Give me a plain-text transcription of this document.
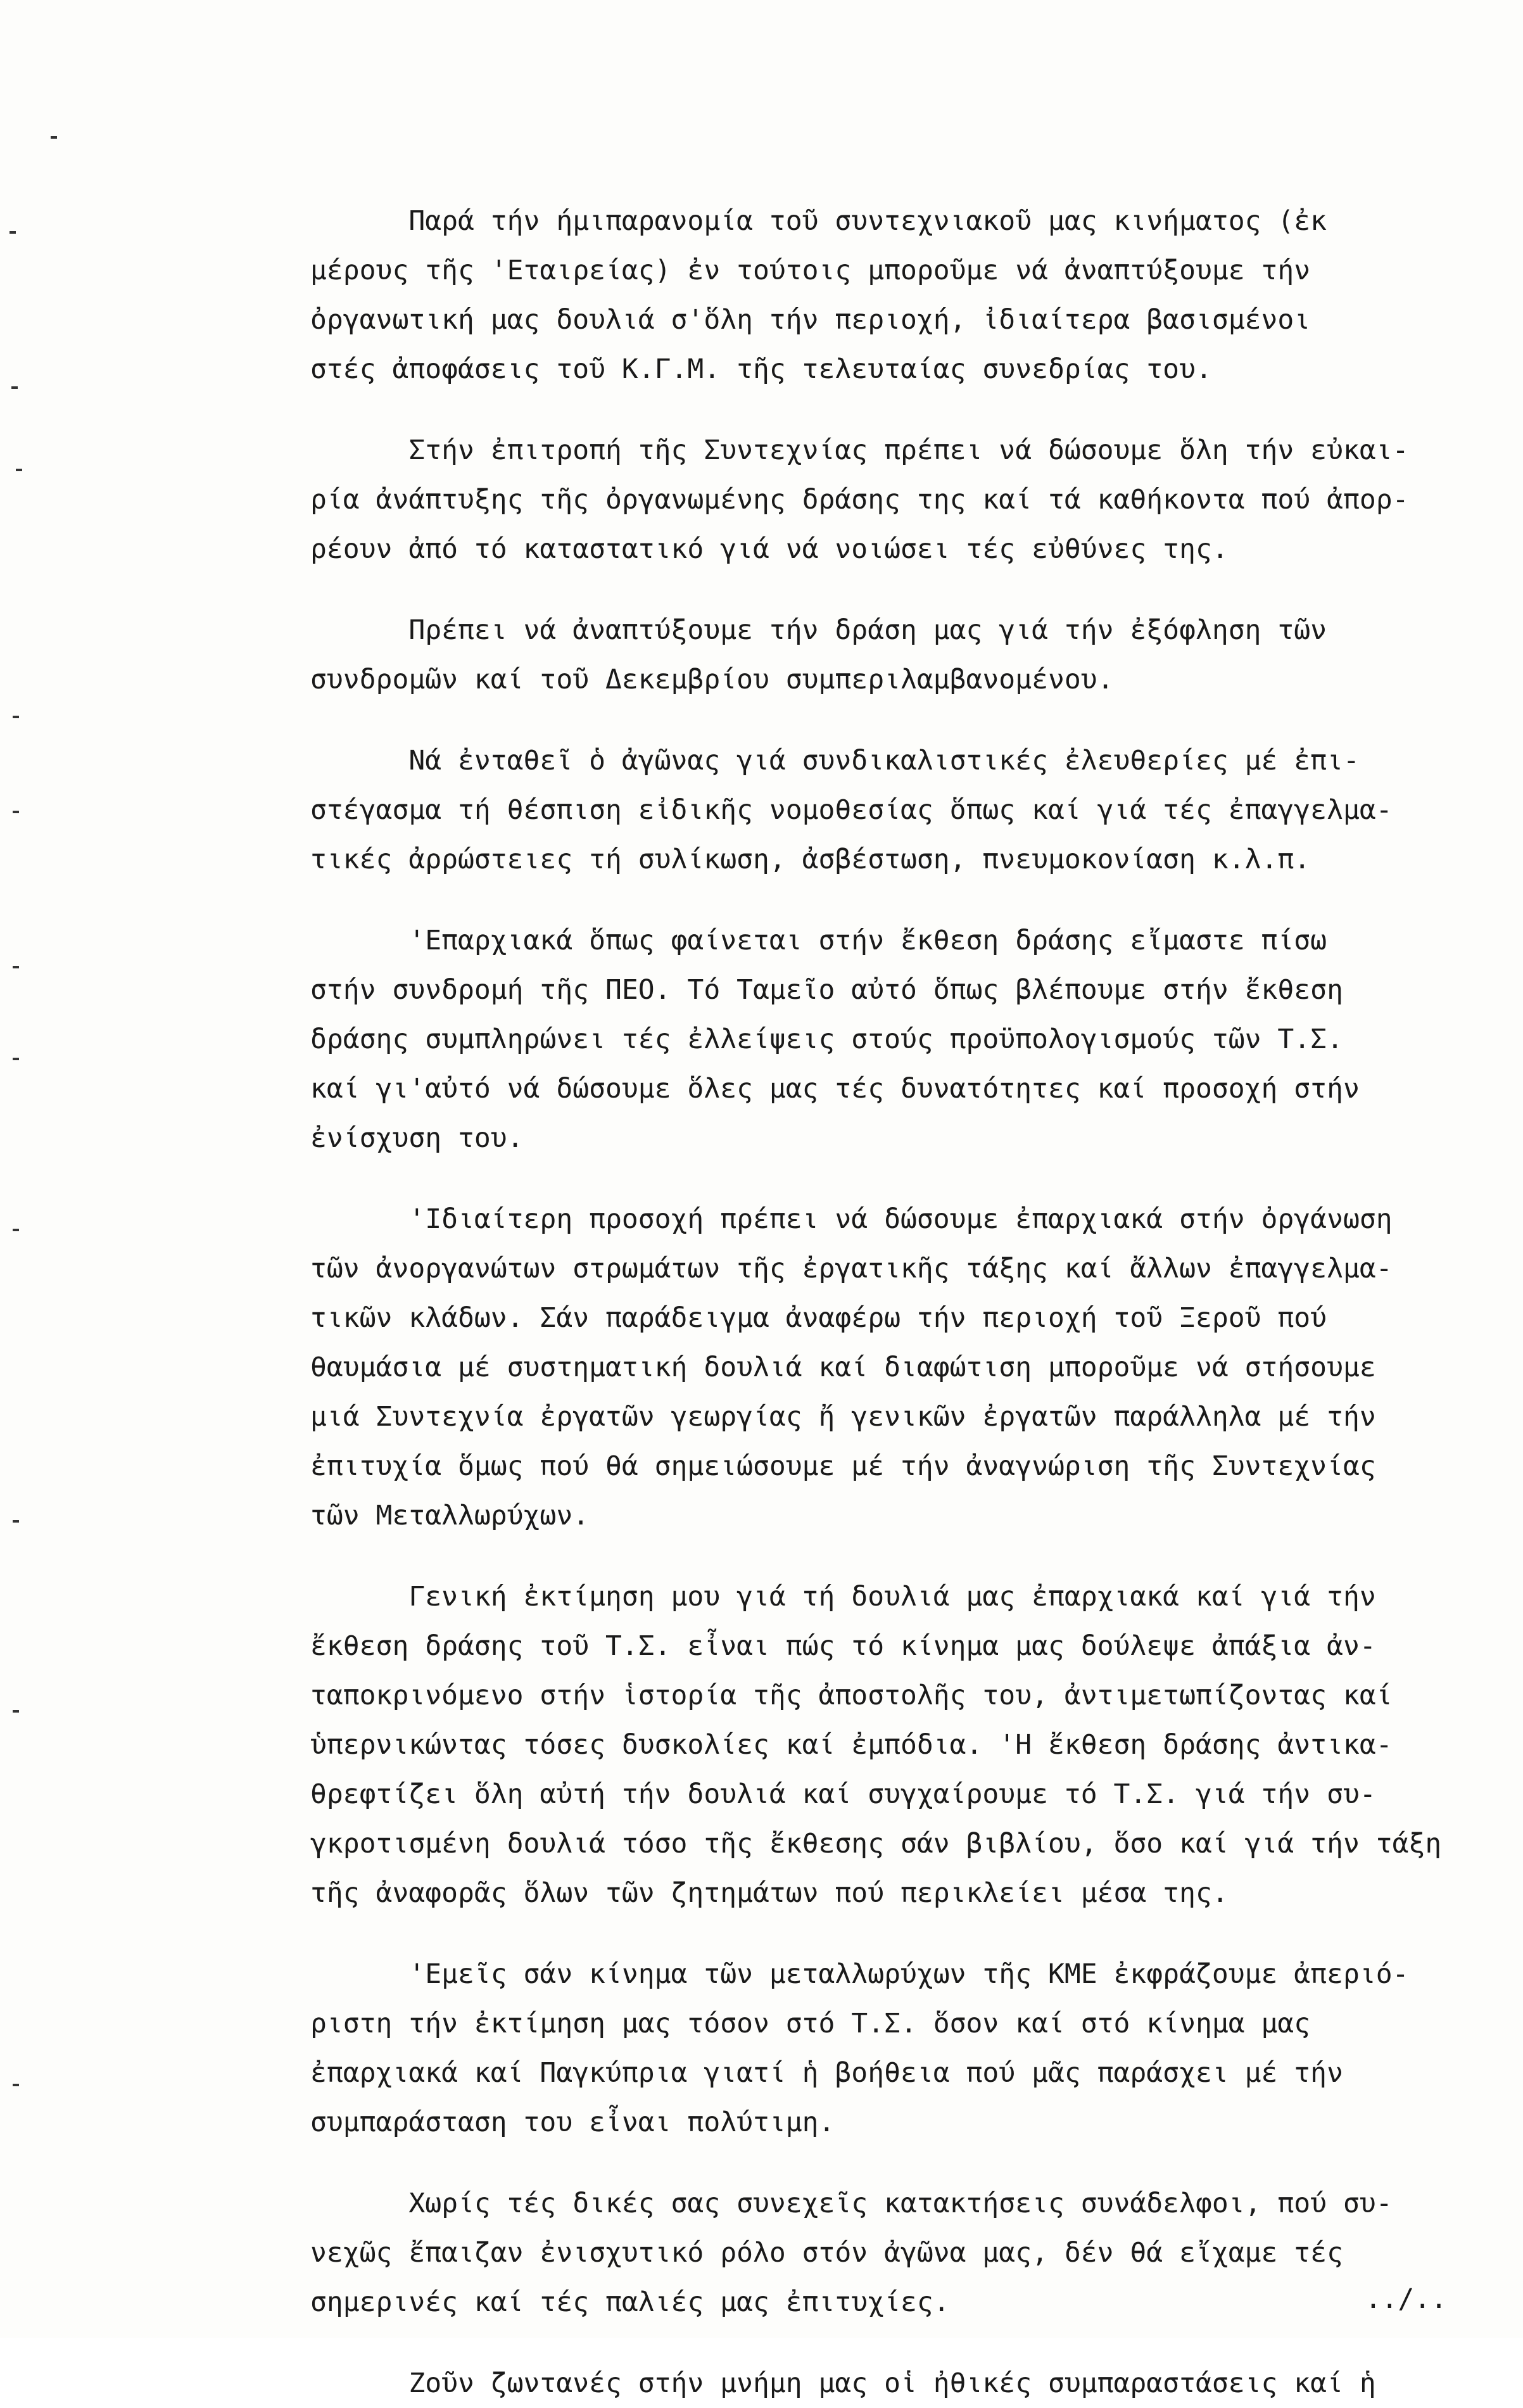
Παρά τήν ήμιπαρανομία τοῦ συντεχνιακοῦ μας κινήματος (ἐκ
μέρους τῆς 'Εταιρείας) ἐν τούτοις μποροῦμε νά ἀναπτύξουμε τήν
ὀργανωτική μας δουλιά σ'ὅλη τήν περιοχή, ἰδιαίτερα βασισμένοι
στές ἀποφάσεις τοῦ Κ.Γ.Μ. τῆς τελευταίας συνεδρίας του.

Στήν ἐπιτροπή τῆς Συντεχνίας πρέπει νά δώσουμε ὅλη τήν εὐκαι-
ρία ἀνάπτυξης τῆς ὀργανωμένης δράσης της καί τά καθήκοντα πού ἀπορ-
ρέουν ἀπό τό καταστατικό γιά νά νοιώσει τές εὐθύνες της.

Πρέπει νά ἀναπτύξουμε τήν δράση μας γιά τήν ἐξόφληση τῶν
συνδρομῶν καί τοῦ Δεκεμβρίου συμπεριλαμβανομένου.

Νά ἐνταθεῖ ὁ ἀγῶνας γιά συνδικαλιστικές ἐλευθερίες μέ ἐπι-
στέγασμα τή θέσπιση εἰδικῆς νομοθεσίας ὅπως καί γιά τές ἐπαγγελμα-
τικές ἀρρώστειες τή συλίκωση, ἀσβέστωση, πνευμοκονίαση κ.λ.π.

'Επαρχιακά ὅπως φαίνεται στήν ἔκθεση δράσης εἴμαστε πίσω
στήν συνδρομή τῆς ΠΕΟ. Τό Ταμεῖο αὐτό ὅπως βλέπουμε στήν ἔκθεση
δράσης συμπληρώνει τές ἐλλείψεις στούς προϋπολογισμούς τῶν Τ.Σ.
καί γι'αὐτό νά δώσουμε ὅλες μας τές δυνατότητες καί προσοχή στήν
ἐνίσχυση του.

'Ιδιαίτερη προσοχή πρέπει νά δώσουμε ἐπαρχιακά στήν ὀργάνωση
τῶν ἀνοργανώτων στρωμάτων τῆς ἐργατικῆς τάξης καί ἄλλων ἐπαγγελμα-
τικῶν κλάδων. Σάν παράδειγμα ἀναφέρω τήν περιοχή τοῦ Ξεροῦ πού
θαυμάσια μέ συστηματική δουλιά καί διαφώτιση μποροῦμε νά στήσουμε
μιά Συντεχνία ἐργατῶν γεωργίας ἤ γενικῶν ἐργατῶν παράλληλα μέ τήν
ἐπιτυχία ὅμως πού θά σημειώσουμε μέ τήν ἀναγνώριση τῆς Συντεχνίας
τῶν Μεταλλωρύχων.

Γενική ἐκτίμηση μου γιά τή δουλιά μας ἐπαρχιακά καί γιά τήν
ἔκθεση δράσης τοῦ Τ.Σ. εἶναι πώς τό κίνημα μας δούλεψε ἀπάξια ἀν-
ταποκρινόμενο στήν ἱστορία τῆς ἀποστολῆς του, ἀντιμετωπίζοντας καί
ὑπερνικώντας τόσες δυσκολίες καί ἐμπόδια. 'Η ἔκθεση δράσης ἀντικα-
θρεφτίζει ὅλη αὐτή τήν δουλιά καί συγχαίρουμε τό Τ.Σ. γιά τήν συ-
γκροτισμένη δουλιά τόσο τῆς ἔκθεσης σάν βιβλίου, ὅσο καί γιά τήν τάξη
τῆς ἀναφορᾶς ὅλων τῶν ζητημάτων πού περικλείει μέσα της.

'Εμεῖς σάν κίνημα τῶν μεταλλωρύχων τῆς ΚΜΕ ἐκφράζουμε ἀπεριό-
ριστη τήν ἐκτίμηση μας τόσον στό Τ.Σ. ὅσον καί στό κίνημα μας
ἐπαρχιακά καί Παγκύπρια γιατί ἡ βοήθεια πού μᾶς παράσχει μέ τήν
συμπαράσταση του εἶναι πολύτιμη.

Χωρίς τές δικές σας συνεχεῖς κατακτήσεις συνάδελφοι, πού συ-
νεχῶς ἔπαιζαν ἐνισχυτικό ρόλο στόν ἀγῶνα μας, δέν θά εἴχαμε τές
σημερινές καί τές παλιές μας ἐπιτυχίες.

Ζοῦν ζωντανές στήν μνήμη μας οἱ ἠθικές συμπαραστάσεις καί ἡ

../..
